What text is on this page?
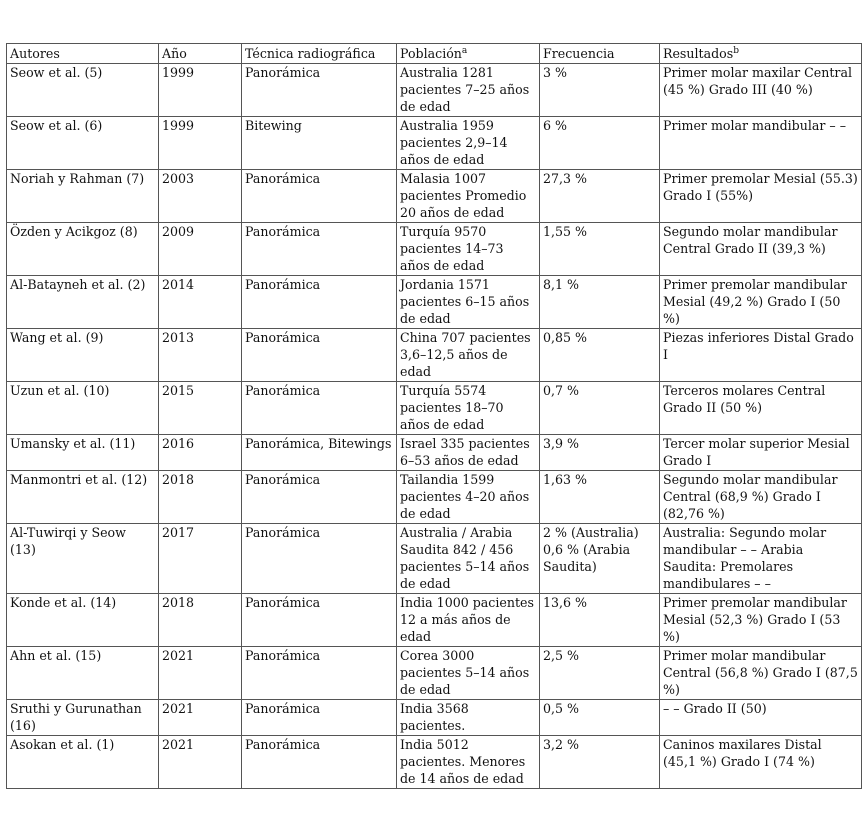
Autores	Año	Técnica radiográfica	Población$^a$	Frecuencia	Resultados$^b$
Seow et al. (5)	1999	Panorámica	Australia 1281 pacientes 7–25 años de edad	3 %	Primer molar maxilar Central (45 %) Grado III (40 %)
Seow et al. (6)	1999	Bitewing	Australia 1959 pacientes 2,9–14 años de edad	6 %	Primer molar mandibular – –
Noriah y Rahman (7)	2003	Panorámica	Malasia 1007 pacientes Promedio 20 años de edad	27,3 %	Primer premolar Mesial (55.3) Grado I (55%)
Özden y Acikgoz (8)	2009	Panorámica	Turquía 9570 pacientes 14–73 años de edad	1,55 %	Segundo molar mandibular Central Grado II (39,3 %)
Al-Batayneh et al. (2)	2014	Panorámica	Jordania 1571 pacientes 6–15 años de edad	8,1 %	Primer premolar mandibular Mesial (49,2 %) Grado I (50 %)
Wang et al. (9)	2013	Panorámica	China 707 pacientes 3,6–12,5 años de edad	0,85 %	Piezas inferiores Distal Grado I
Uzun et al. (10)	2015	Panorámica	Turquía 5574 pacientes 18–70 años de edad	0,7 %	Terceros molares Central Grado II (50 %)
Umansky et al. (11)	2016	Panorámica, Bitewings	Israel 335 pacientes 6–53 años de edad	3,9 %	Tercer molar superior Mesial Grado I
Manmontri et al. (12)	2018	Panorámica	Tailandia 1599 pacientes 4–20 años de edad	1,63 %	Segundo molar mandibular Central (68,9 %) Grado I (82,76 %)
Al-Tuwirqi y Seow (13)	2017	Panorámica	Australia / Arabia Saudita 842 / 456 pacientes 5–14 años de edad	2 % (Australia) 0,6 % (Arabia Saudita)	Australia: Segundo molar mandibular – – Arabia Saudita: Premolares mandibulares – –
Konde et al. (14)	2018	Panorámica	India 1000 pacientes 12 a más años de edad	13,6 %	Primer premolar mandibular Mesial (52,3 %) Grado I (53 %)
Ahn et al. (15)	2021	Panorámica	Corea 3000 pacientes 5–14 años de edad	2,5 %	Primer molar mandibular Central (56,8 %) Grado I (87,5 %)
Sruthi y Gurunathan (16)	2021	Panorámica	India 3568 pacientes.	0,5 %	– – Grado II (50)
Asokan et al. (1)	2021	Panorámica	India 5012 pacientes. Menores de 14 años de edad	3,2 %	Caninos maxilares Distal (45,1 %) Grado I (74 %)
